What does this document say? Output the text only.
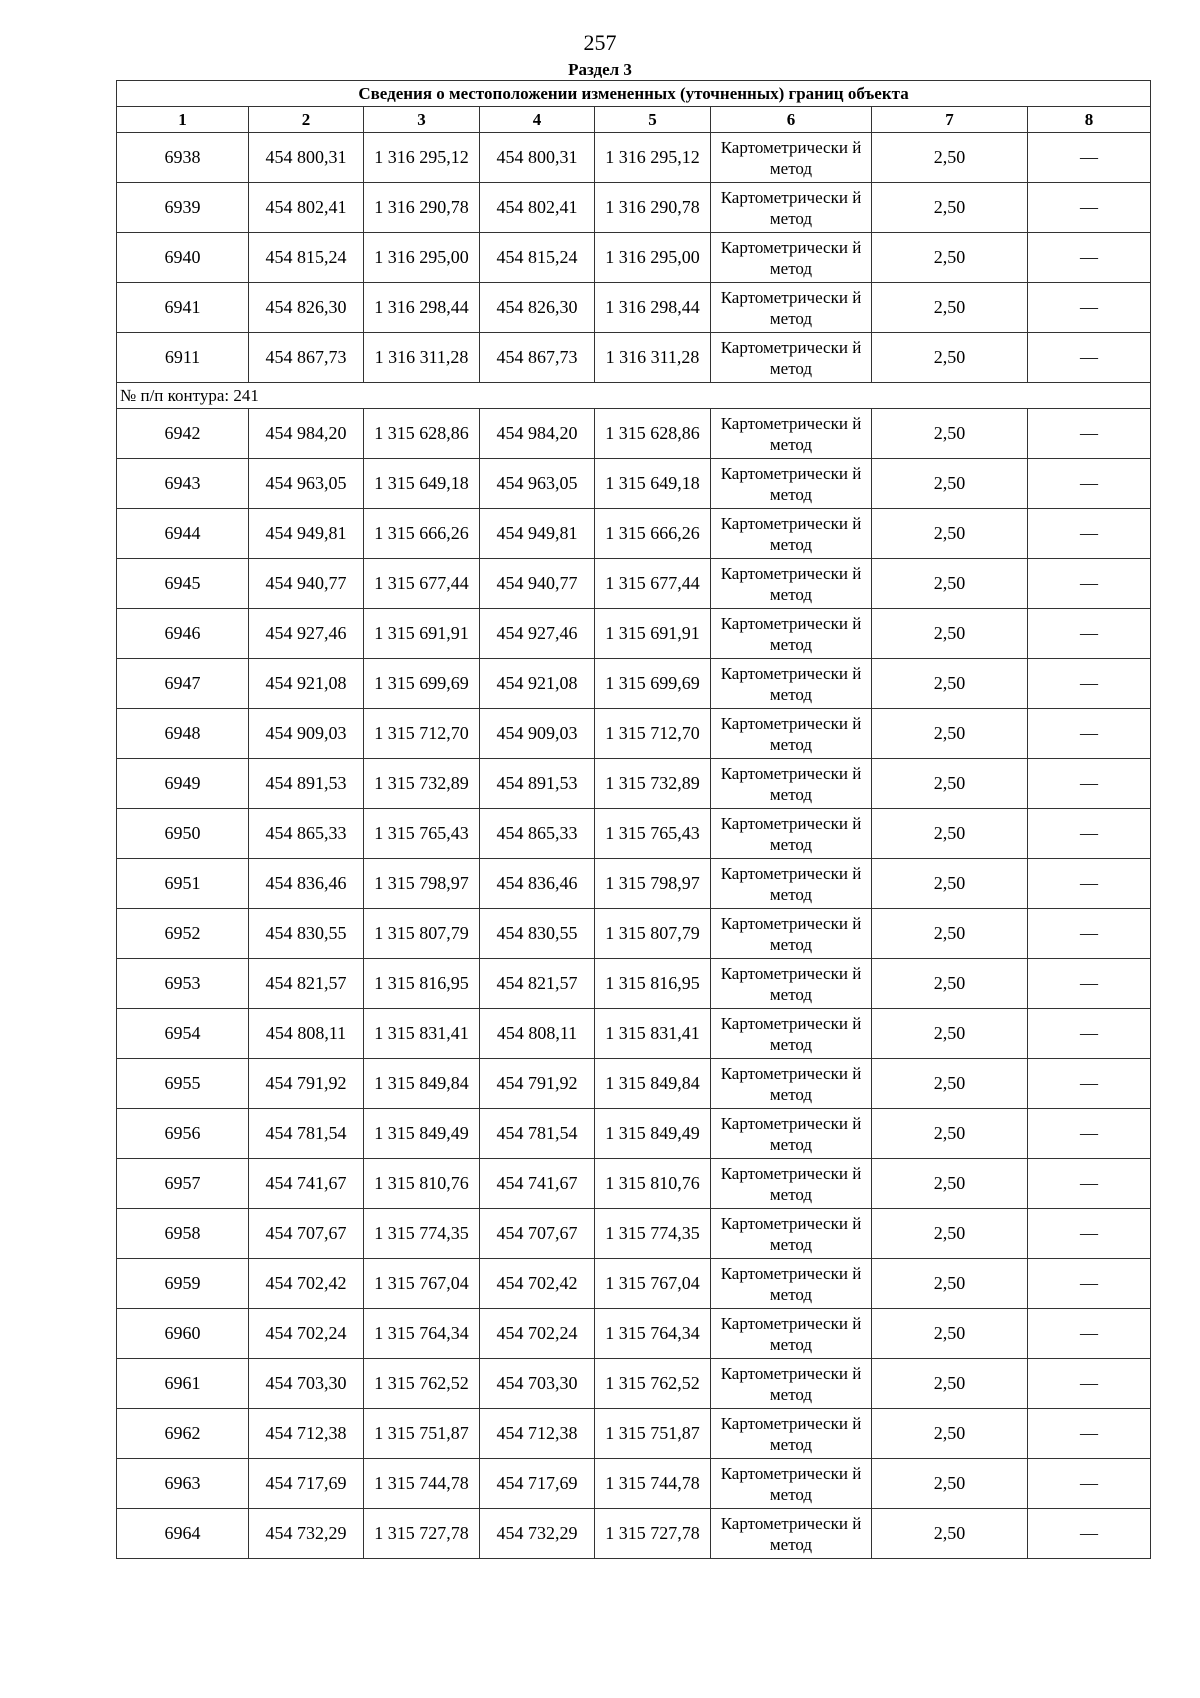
257
Раздел 3
Сведения о местоположении измененных (уточненных) границ объекта							
1	2	3	4	5	6	7	8
6938	454 800,31	1 316 295,12	454 800,31	1 316 295,12	Картометрически й метод	2,50	—
6939	454 802,41	1 316 290,78	454 802,41	1 316 290,78	Картометрически й метод	2,50	—
6940	454 815,24	1 316 295,00	454 815,24	1 316 295,00	Картометрически й метод	2,50	—
6941	454 826,30	1 316 298,44	454 826,30	1 316 298,44	Картометрически й метод	2,50	—
6911	454 867,73	1 316 311,28	454 867,73	1 316 311,28	Картометрически й метод	2,50	—
№ п/п контура: 241							
6942	454 984,20	1 315 628,86	454 984,20	1 315 628,86	Картометрически й метод	2,50	—
6943	454 963,05	1 315 649,18	454 963,05	1 315 649,18	Картометрически й метод	2,50	—
6944	454 949,81	1 315 666,26	454 949,81	1 315 666,26	Картометрически й метод	2,50	—
6945	454 940,77	1 315 677,44	454 940,77	1 315 677,44	Картометрически й метод	2,50	—
6946	454 927,46	1 315 691,91	454 927,46	1 315 691,91	Картометрически й метод	2,50	—
6947	454 921,08	1 315 699,69	454 921,08	1 315 699,69	Картометрически й метод	2,50	—
6948	454 909,03	1 315 712,70	454 909,03	1 315 712,70	Картометрически й метод	2,50	—
6949	454 891,53	1 315 732,89	454 891,53	1 315 732,89	Картометрически й метод	2,50	—
6950	454 865,33	1 315 765,43	454 865,33	1 315 765,43	Картометрически й метод	2,50	—
6951	454 836,46	1 315 798,97	454 836,46	1 315 798,97	Картометрически й метод	2,50	—
6952	454 830,55	1 315 807,79	454 830,55	1 315 807,79	Картометрически й метод	2,50	—
6953	454 821,57	1 315 816,95	454 821,57	1 315 816,95	Картометрически й метод	2,50	—
6954	454 808,11	1 315 831,41	454 808,11	1 315 831,41	Картометрически й метод	2,50	—
6955	454 791,92	1 315 849,84	454 791,92	1 315 849,84	Картометрически й метод	2,50	—
6956	454 781,54	1 315 849,49	454 781,54	1 315 849,49	Картометрически й метод	2,50	—
6957	454 741,67	1 315 810,76	454 741,67	1 315 810,76	Картометрически й метод	2,50	—
6958	454 707,67	1 315 774,35	454 707,67	1 315 774,35	Картометрически й метод	2,50	—
6959	454 702,42	1 315 767,04	454 702,42	1 315 767,04	Картометрически й метод	2,50	—
6960	454 702,24	1 315 764,34	454 702,24	1 315 764,34	Картометрически й метод	2,50	—
6961	454 703,30	1 315 762,52	454 703,30	1 315 762,52	Картометрически й метод	2,50	—
6962	454 712,38	1 315 751,87	454 712,38	1 315 751,87	Картометрически й метод	2,50	—
6963	454 717,69	1 315 744,78	454 717,69	1 315 744,78	Картометрически й метод	2,50	—
6964	454 732,29	1 315 727,78	454 732,29	1 315 727,78	Картометрически й метод	2,50	—
